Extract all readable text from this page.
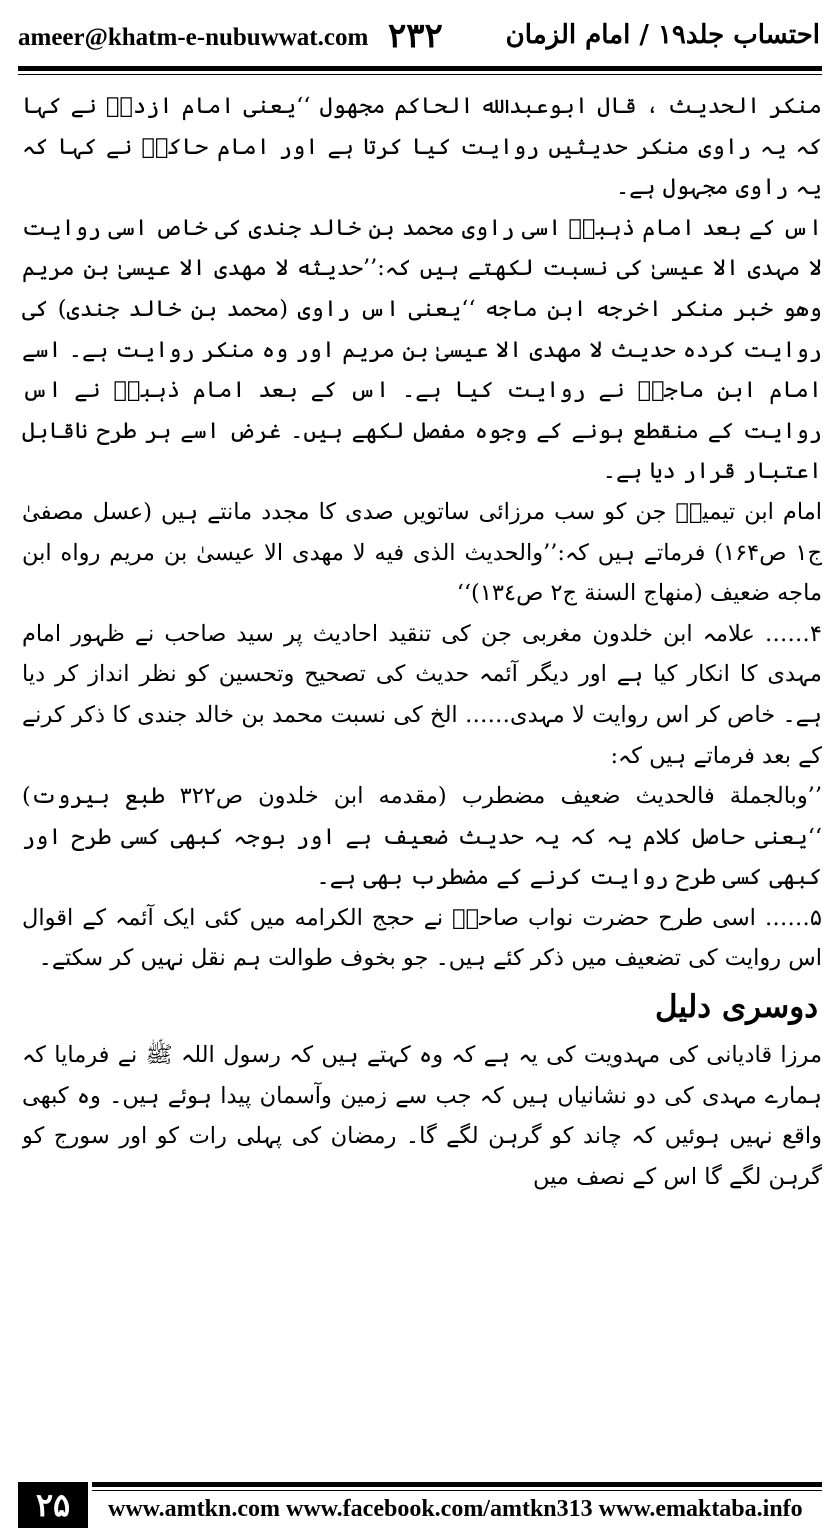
ameer@khatm-e-nubuwwat.com ۲۳۲ احتساب جلد۱۹ / امام الزمان

منکر الحدیث ، قال ابوعبدالله الحاکم مجهول ‘‘یعنی امام ازدیؒ نے کہا کہ یہ راوی منکر حدیثیں روایت کیا کرتا ہے اور امام حاکمؒ نے کہا کہ یہ راوی مجہول ہے۔

اس کے بعد امام ذہبیؒ اسی راوی محمد بن خالد جندی کی خاص اسی روایت لا مہدی الا عیسیٰ کی نسبت لکھتے ہیں کہ:’’حدیثه لا مهدی الا عیسیٰ بن مریم وهو خبر منکر اخرجه ابن ماجه ‘‘یعنی اس راوی (محمد بن خالد جندی) کی روایت کردہ حدیث لا مهدی الا عیسیٰ بن مریم اور وہ منکر روایت ہے۔ اسے امام ابن ماجہؒ نے روایت کیا ہے۔ اس کے بعد امام ذہبیؒ نے اس روایت کے منقطع ہونے کے وجوہ مفصل لکھے ہیں۔ غرض اسے ہر طرح ناقابل اعتبار قرار دیا ہے۔

امام ابن تیمیہؒ جن کو سب مرزائی ساتویں صدی کا مجدد مانتے ہیں (عسل مصفیٰ ج۱ ص۱۶۴) فرماتے ہیں کہ:’’والحدیث الذی فیه لا مهدی الا عیسیٰ بن مریم رواه ابن ماجه ضعیف (منهاج السنة ج۲ ص۱۳٤)‘‘

۴…… علامہ ابن خلدون مغربی جن کی تنقید احادیث پر سید صاحب نے ظہور امام مہدی کا انکار کیا ہے اور دیگر آئمہ حدیث کی تصحیح وتحسین کو نظر انداز کر دیا ہے۔ خاص کر اس روایت لا مہدی…… الخ کی نسبت محمد بن خالد جندی کا ذکر کرنے کے بعد فرماتے ہیں کہ:

’’وبالجملة فالحدیث ضعیف مضطرب (مقدمه ابن خلدون ص۳۲۲ طبع بیروت) ‘‘یعنی حاصل کلام یہ کہ یہ حدیث ضعیف ہے اور بوجہ کبھی کسی طرح اور کبھی کسی طرح روایت کرنے کے مضطرب بھی ہے۔

۵…… اسی طرح حضرت نواب صاحبؒ نے حجج الکرامه میں کئی ایک آئمہ کے اقوال اس روایت کی تضعیف میں ذکر کئے ہیں۔ جو بخوف طوالت ہم نقل نہیں کر سکتے۔

دوسری دلیل

مرزا قادیانی کی مہدویت کی یہ ہے کہ وہ کہتے ہیں کہ رسول اللہ ﷺ نے فرمایا کہ ہمارے مہدی کی دو نشانیاں ہیں کہ جب سے زمین وآسمان پیدا ہوئے ہیں۔ وہ کبھی واقع نہیں ہوئیں کہ چاند کو گرہن لگے گا۔ رمضان کی پہلی رات کو اور سورج کو گرہن لگے گا اس کے نصف میں

۲۵	www.amtkn.com www.facebook.com/amtkn313 www.emaktaba.info
